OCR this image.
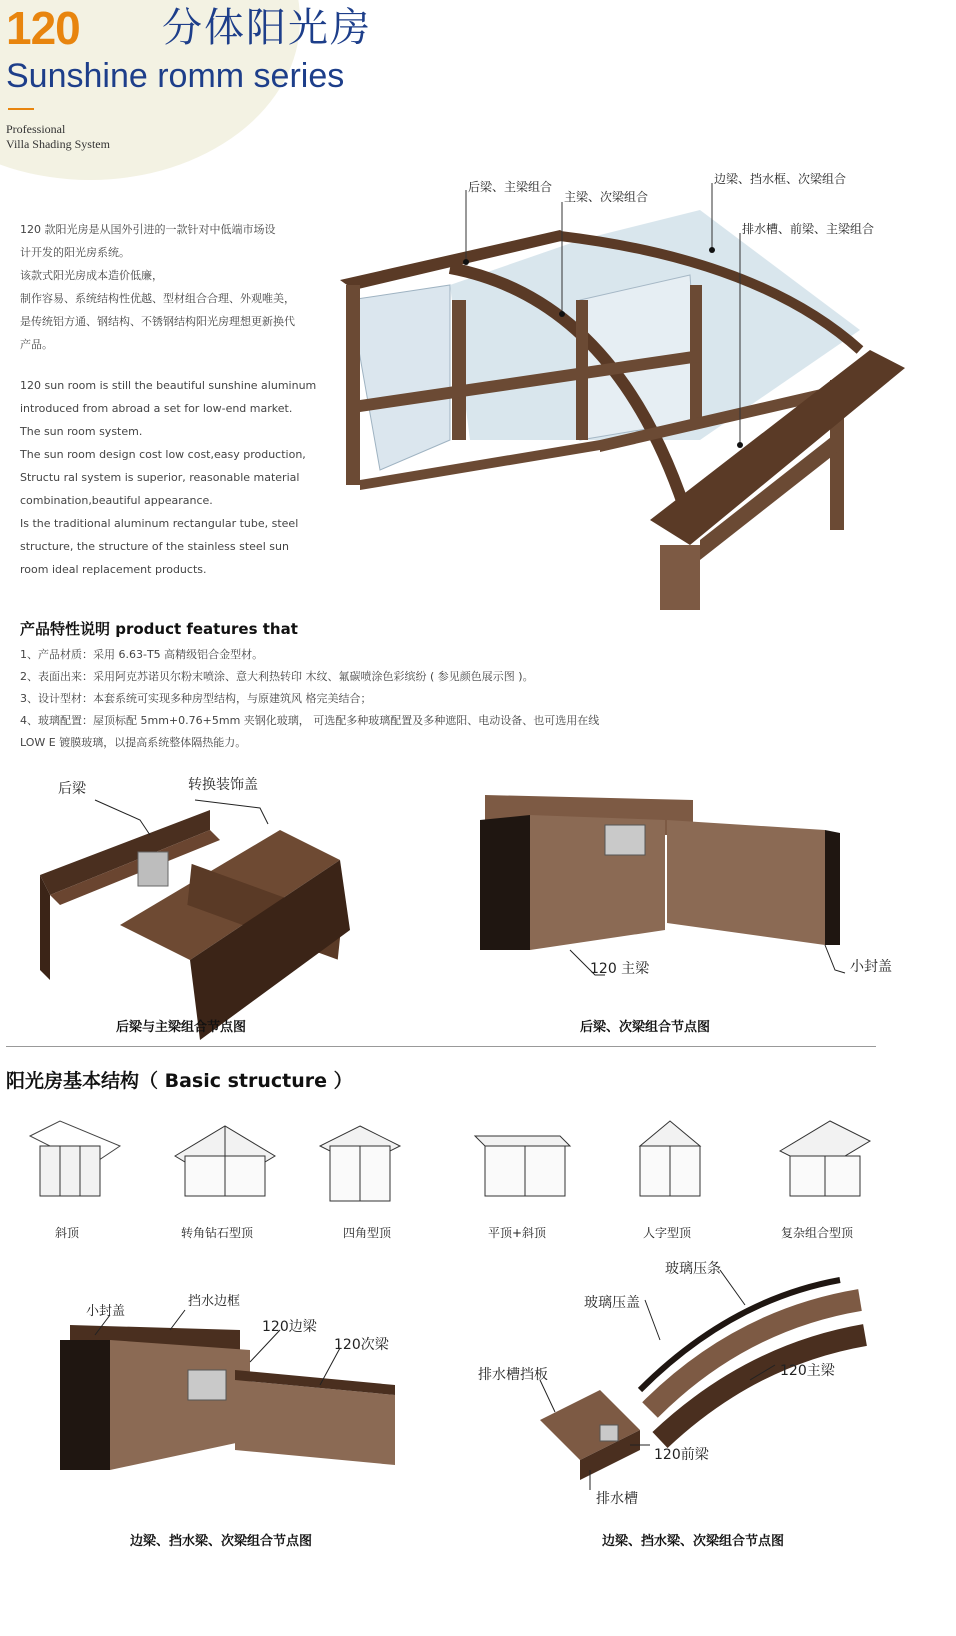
120 分体阳光房
Sunshine romm series
Professional
Villa Shading System
120 款阳光房是从国外引进的一款针对中低端市场设
计开发的阳光房系统。
该款式阳光房成本造价低廉，
制作容易、系统结构性优越、型材组合合理、外观唯美，
是传统铝方通、钢结构、不锈钢结构阳光房理想更新换代
产品。
120 sun room is still the beautiful sunshine aluminum
introduced from abroad a set for low-end market.
The sun room system.
The sun room design cost low cost,easy production,
Structu ral system is superior, reasonable material
combination,beautiful appearance.
Is the traditional aluminum rectangular tube, steel
structure, the structure of the stainless steel sun
room ideal replacement products.
后梁、主梁组合
主梁、次梁组合
边梁、挡水框、次梁组合
排水槽、前梁、主梁组合
产品特性说明 product features that
1、产品材质：采用 6.63-T5 高精级铝合金型材。
2、表面出来：采用阿克苏诺贝尔粉末喷涂、意大利热转印 木纹、氟碳喷涂色彩缤纷 ( 参见颜色展示图 )。
3、设计型材：本套系统可实现多种房型结构，与原建筑风 格完美结合；
4、玻璃配置：屋顶标配 5mm+0.76+5mm 夹钢化玻璃， 可选配多种玻璃配置及多种遮阳、电动设备、也可选用在线
LOW E 镀膜玻璃，以提高系统整体隔热能力。
后梁	转换装饰盖
后梁与主梁组合节点图
120 主梁	小封盖
后梁、次梁组合节点图
阳光房基本结构（ Basic structure ）
斜顶	转角钻石型顶	四角型顶	平顶+斜顶	人字型顶	复杂组合型顶
小封盖
挡水边框
120边梁
120次梁
边梁、挡水梁、次梁组合节点图
玻璃压条
玻璃压盖
排水槽挡板	120主梁
120前梁
排水槽
边梁、挡水梁、次梁组合节点图
